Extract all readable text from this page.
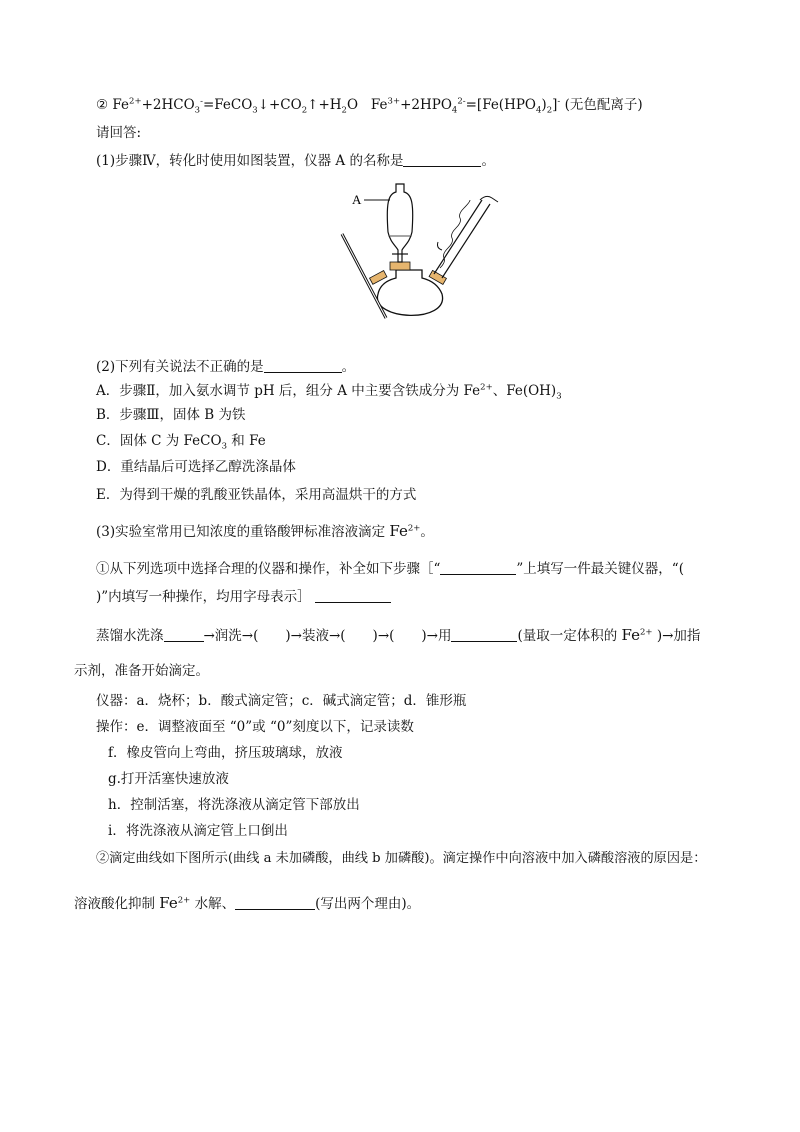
② $Fe^{2+}+2HCO_3^-=FeCO_3↓+CO_2↑+H_2O$ $Fe^{3+}+2HPO_4^{2-}=[Fe(HPO_4)_2]^-$ (无色配离子)
请回答:
(1)步骤Ⅳ，转化时使用如图装置，仪器 A 的名称是	。
A
(2)下列有关说法不正确的是	。
A．步骤Ⅱ，加入氨水调节 pH 后，组分 A 中主要含铁成分为 $Fe^{2+}$、$Fe(OH)_3$
B．步骤Ⅲ，固体 B 为铁
C．固体 C 为 FeCO$_3$ 和 Fe
D．重结晶后可选择乙醇洗涤晶体
E．为得到干燥的乳酸亚铁晶体，采用高温烘干的方式
(3)实验室常用已知浓度的重铬酸钾标准溶液滴定 $Fe^{2+}$。
①从下列选项中选择合理的仪器和操作，补全如下步骤［“	”上填写一件最关键仪器，“(
)”内填写一种操作，均用字母表示］
蒸馏水洗涤	→润洗→(　　)→装液→(　　)→(　　)→用	(量取一定体积的 $Fe^{2+}$ )→加指
示剂，准备开始滴定。
仪器：a．烧杯；b．酸式滴定管；c．碱式滴定管；d．锥形瓶
操作：e．调整液面至 “0”或 “0”刻度以下，记录读数
f．橡皮管向上弯曲，挤压玻璃球，放液
g.打开活塞快速放液
h．控制活塞，将洗涤液从滴定管下部放出
i．将洗涤液从滴定管上口倒出
②滴定曲线如下图所示(曲线 a 未加磷酸，曲线 b 加磷酸)。滴定操作中向溶液中加入磷酸溶液的原因是：
溶液酸化抑制 $Fe^{2+}$ 水解、	(写出两个理由)。
